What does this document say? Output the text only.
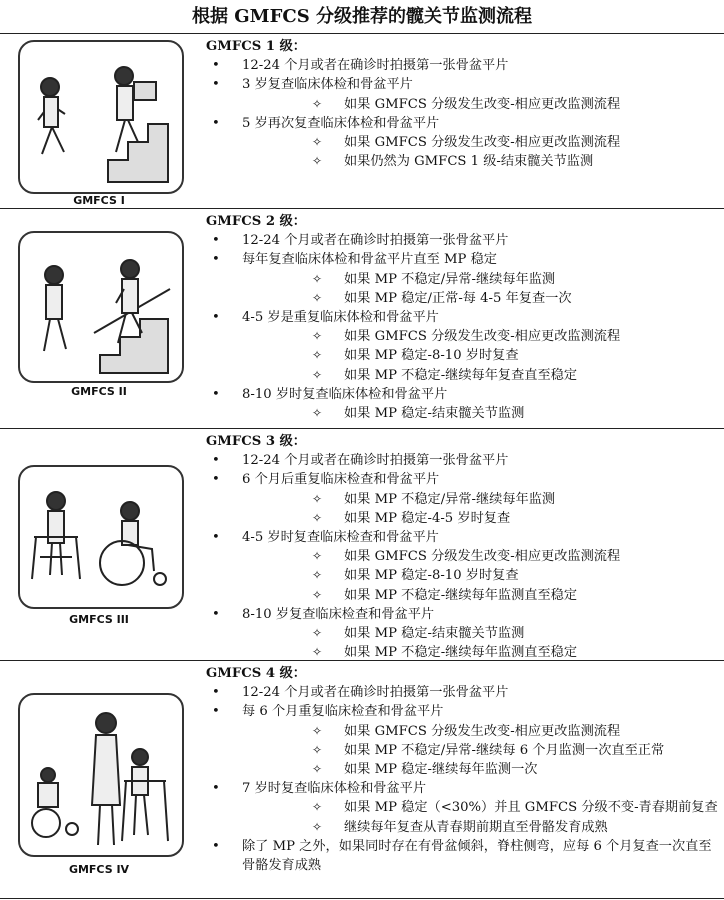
根据 GMFCS 分级推荐的髋关节监测流程
GMFCS I
GMFCS 1 级：
• 12-24 个月或者在确诊时拍摄第一张骨盆平片
• 3 岁复查临床体检和骨盆平片
✧ 如果 GMFCS 分级发生改变-相应更改监测流程
• 5 岁再次复查临床体检和骨盆平片
✧ 如果 GMFCS 分级发生改变-相应更改监测流程
✧ 如果仍然为 GMFCS 1 级-结束髋关节监测
GMFCS II
GMFCS 2 级：
• 12-24 个月或者在确诊时拍摄第一张骨盆平片
• 每年复查临床体检和骨盆平片直至 MP 稳定
✧ 如果 MP 不稳定/异常-继续每年监测
✧ 如果 MP 稳定/正常-每 4-5 年复查一次
• 4-5 岁是重复临床体检和骨盆平片
✧ 如果 GMFCS 分级发生改变-相应更改监测流程
✧ 如果 MP 稳定-8-10 岁时复查
✧ 如果 MP 不稳定-继续每年复查直至稳定
• 8-10 岁时复查临床体检和骨盆平片
✧ 如果 MP 稳定-结束髋关节监测
GMFCS III
GMFCS 3 级：
• 12-24 个月或者在确诊时拍摄第一张骨盆平片
• 6 个月后重复临床检查和骨盆平片
✧ 如果 MP 不稳定/异常-继续每年监测
✧ 如果 MP 稳定-4-5 岁时复查
• 4-5 岁时复查临床检查和骨盆平片
✧ 如果 GMFCS 分级发生改变-相应更改监测流程
✧ 如果 MP 稳定-8-10 岁时复查
✧ 如果 MP 不稳定-继续每年监测直至稳定
• 8-10 岁复查临床检查和骨盆平片
✧ 如果 MP 稳定-结束髋关节监测
✧ 如果 MP 不稳定-继续每年监测直至稳定
GMFCS IV
GMFCS 4 级：
• 12-24 个月或者在确诊时拍摄第一张骨盆平片
• 每 6 个月重复临床检查和骨盆平片
✧ 如果 GMFCS 分级发生改变-相应更改监测流程
✧ 如果 MP 不稳定/异常-继续每 6 个月监测一次直至正常
✧ 如果 MP 稳定-继续每年监测一次
• 7 岁时复查临床体检和骨盆平片
✧ 如果 MP 稳定（<30%）并且 GMFCS 分级不变-青春期前复查
✧ 继续每年复查从青春期前期直至骨骼发育成熟
• 除了 MP 之外，如果同时存在有骨盆倾斜，脊柱侧弯，应每 6 个月复查一次直至骨骼发育成熟
